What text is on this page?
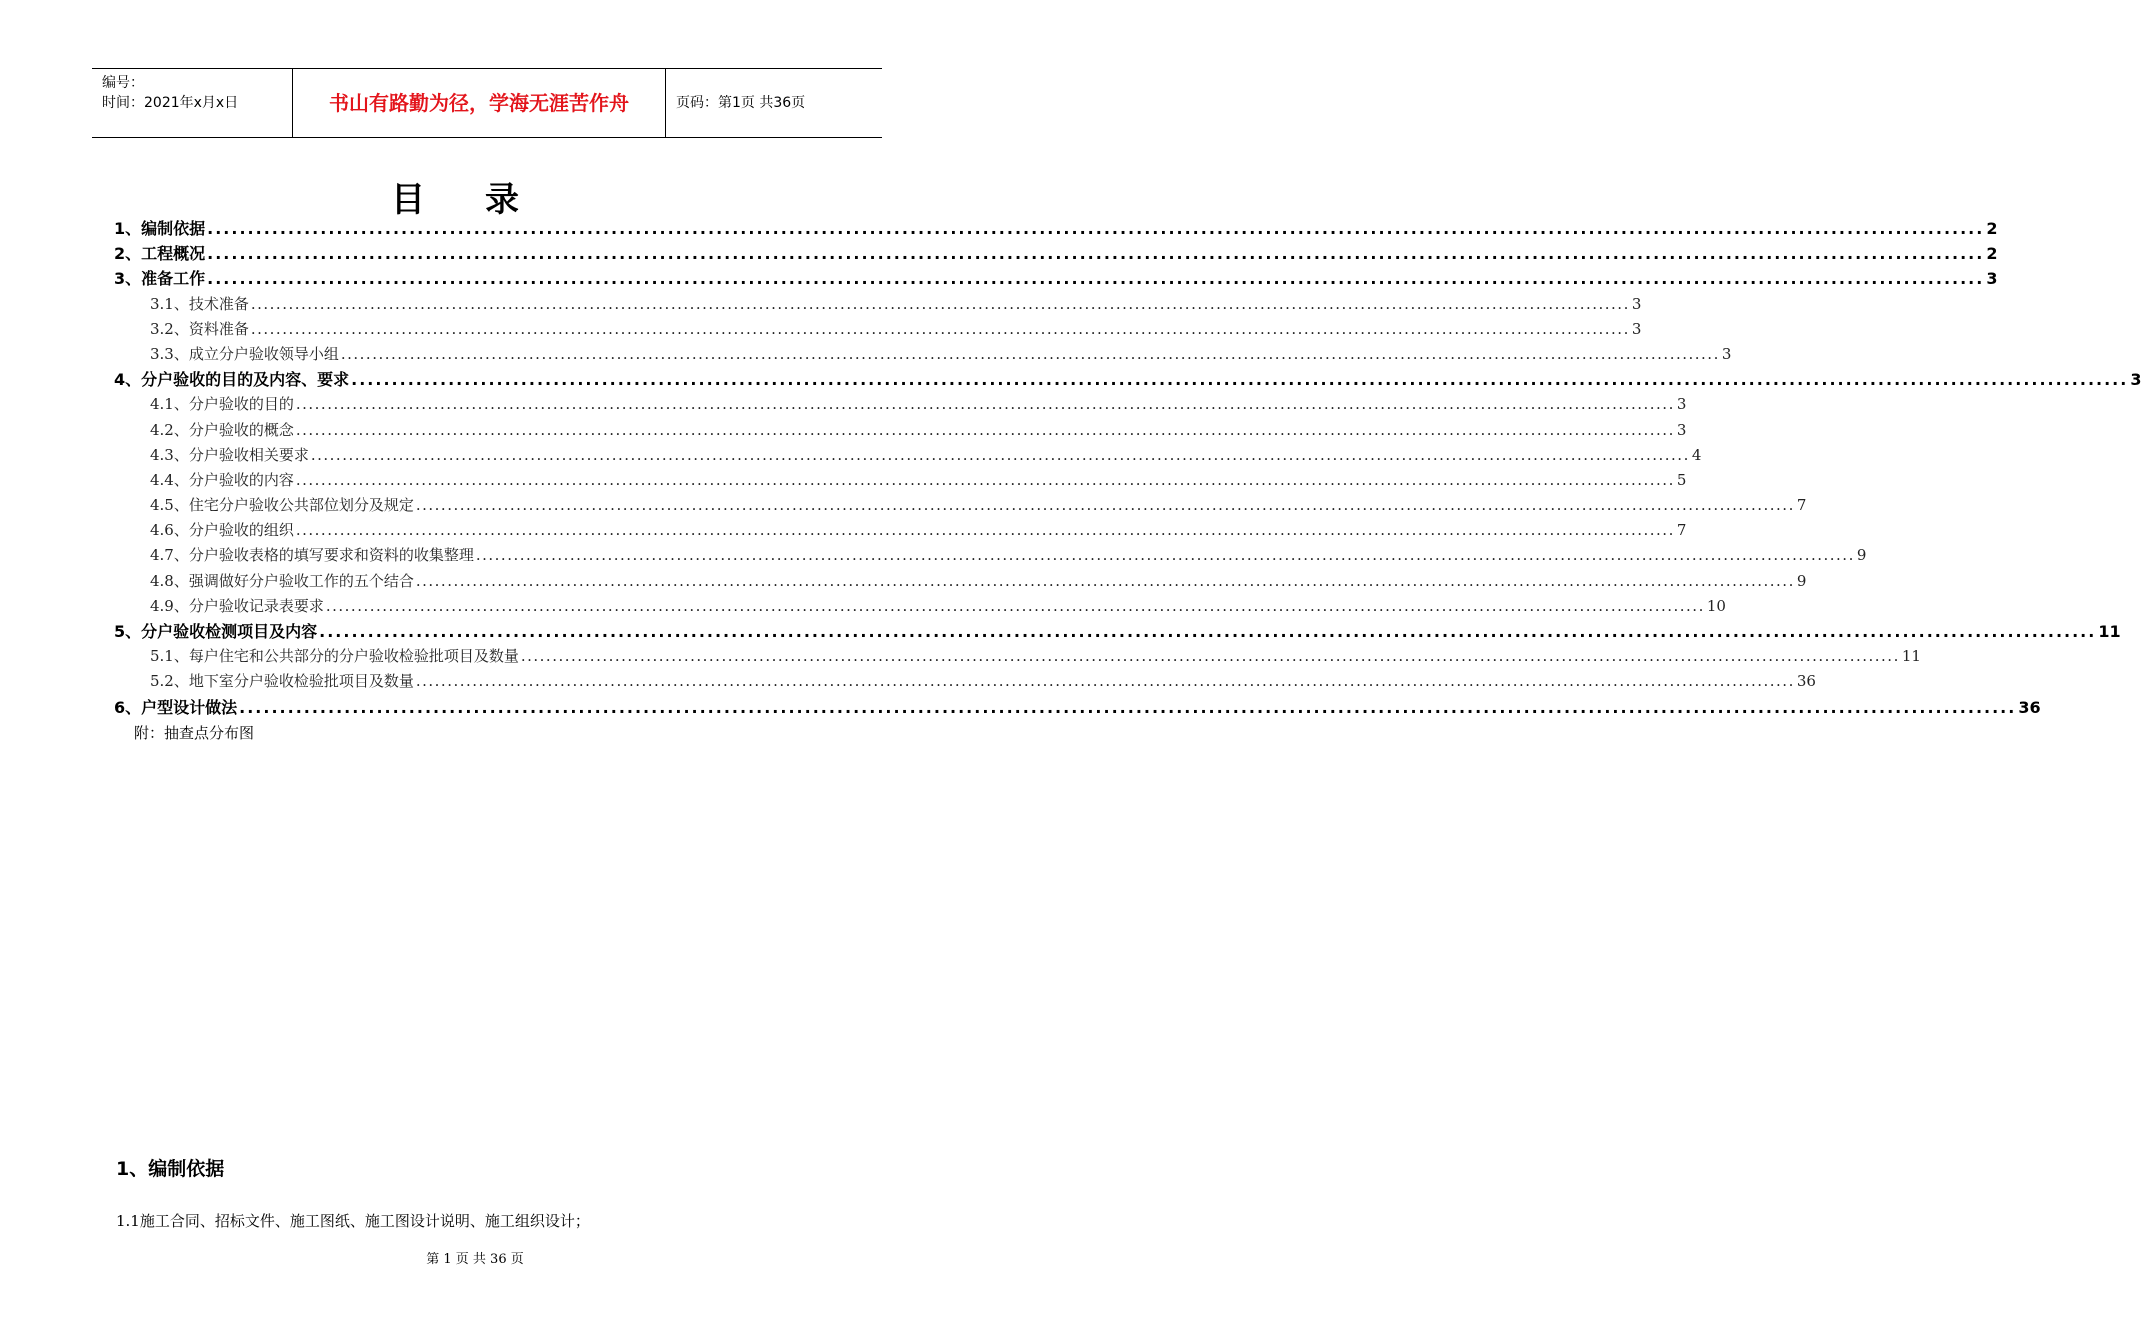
编号：
时间：2021年x月x日	书山有路勤为径，学海无涯苦作舟	页码：第1页 共36页
目录
1、编制依据 ............................................................................................................................................................................................................................ 2
2、工程概况 ............................................................................................................................................................................................................................ 2
3、准备工作 ............................................................................................................................................................................................................................ 3
3.1、技术准备 ............................................................................................................................................................................................................................ 3
3.2、资料准备 ............................................................................................................................................................................................................................ 3
3.3、成立分户验收领导小组 ............................................................................................................................................................................................................................ 3
4、分户验收的目的及内容、要求 ............................................................................................................................................................................................................................ 3
4.1、分户验收的目的 ............................................................................................................................................................................................................................ 3
4.2、分户验收的概念 ............................................................................................................................................................................................................................ 3
4.3、分户验收相关要求 ............................................................................................................................................................................................................................ 4
4.4、分户验收的内容 ............................................................................................................................................................................................................................ 5
4.5、住宅分户验收公共部位划分及规定 ............................................................................................................................................................................................................................ 7
4.6、分户验收的组织 ............................................................................................................................................................................................................................ 7
4.7、分户验收表格的填写要求和资料的收集整理 ............................................................................................................................................................................................................................ 9
4.8、强调做好分户验收工作的五个结合 ............................................................................................................................................................................................................................ 9
4.9、分户验收记录表要求 ............................................................................................................................................................................................................................ 10
5、分户验收检测项目及内容 ............................................................................................................................................................................................................................ 11
5.1、每户住宅和公共部分的分户验收检验批项目及数量 ............................................................................................................................................................................................................................ 11
5.2、地下室分户验收检验批项目及数量 ............................................................................................................................................................................................................................ 36
6、户型设计做法 ............................................................................................................................................................................................................................ 36
附：抽查点分布图
1、编制依据
1.1施工合同、招标文件、施工图纸、施工图设计说明、施工组织设计；
第 1 页 共 36 页
